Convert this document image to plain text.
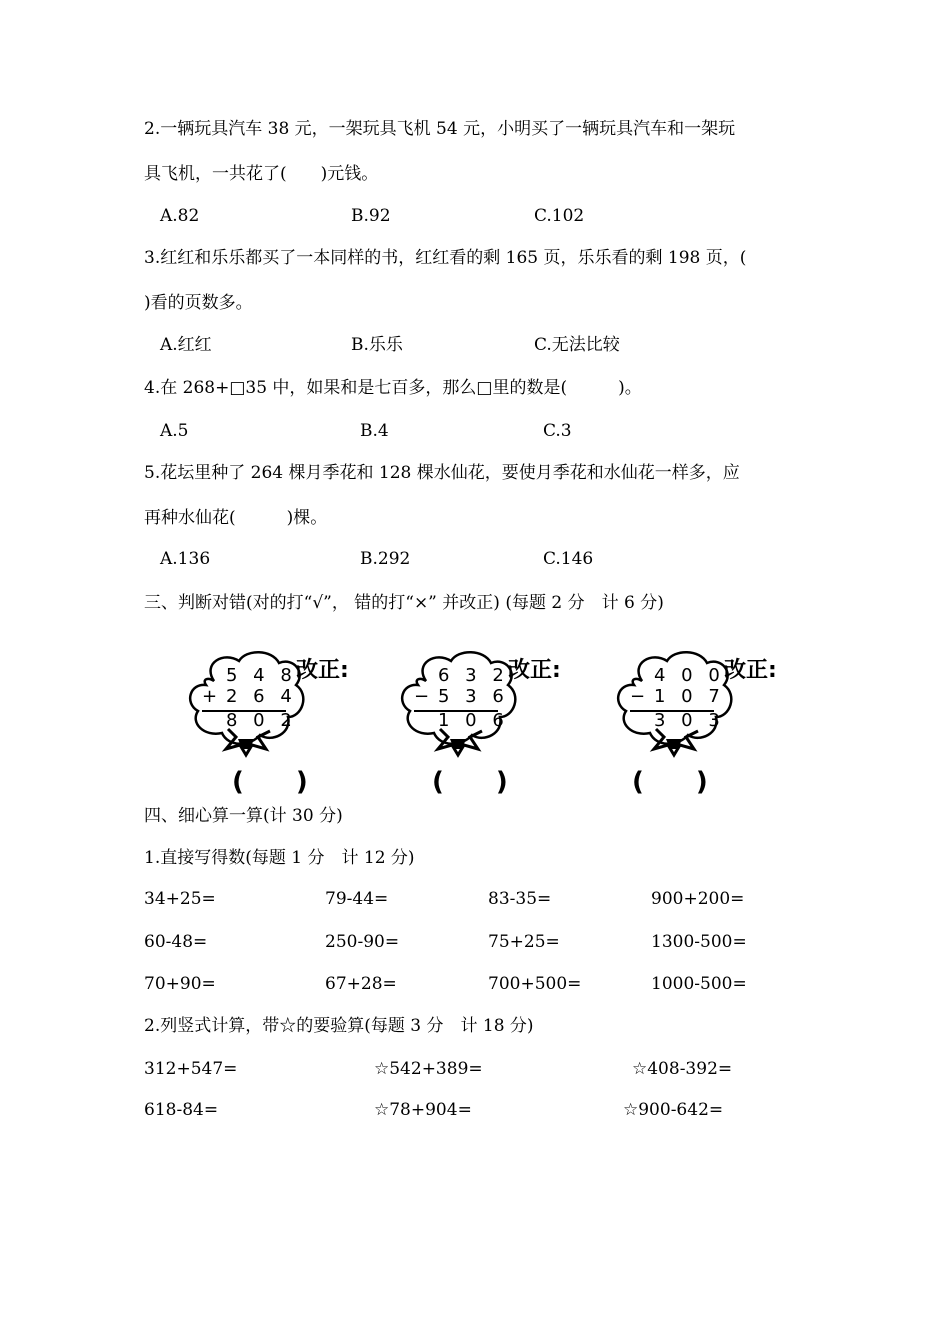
2.一辆玩具汽车 38 元，一架玩具飞机 54 元，小明买了一辆玩具汽车和一架玩
具飞机，一共花了(　　)元钱。
A.82	B.92	C.102
3.红红和乐乐都买了一本同样的书，红红看的剩 165 页，乐乐看的剩 198 页，(
)看的页数多。
A.红红	B.乐乐	C.无法比较
4.在 268+□35 中，如果和是七百多，那么□里的数是(　　　)。
A.5	B.4	C.3
5.花坛里种了 264 棵月季花和 128 棵水仙花，要使月季花和水仙花一样多，应
再种水仙花(　　　)棵。
A.136	B.292	C.146
三、判断对错(对的打“√”， 错的打“×” 并改正) (每题 2 分　计 6 分)
5 4 8
+ 2 6 4
8 0 2
改正:
(　　)
6 3 2
− 5 3 6
1 0 6
改正:
(　　)
4 0 0
− 1 0 7
3 0 3
改正:
(　　)
四、细心算一算(计 30 分)
1.直接写得数(每题 1 分　计 12 分)
34+25=	79-44=	83-35=	900+200=
60-48=	250-90=	75+25=	1300-500=
70+90=	67+28=	700+500=	1000-500=
2.列竖式计算，带☆的要验算(每题 3 分　计 18 分)
312+547=	☆542+389=	☆408-392=
618-84=	☆78+904=	☆900-642=
